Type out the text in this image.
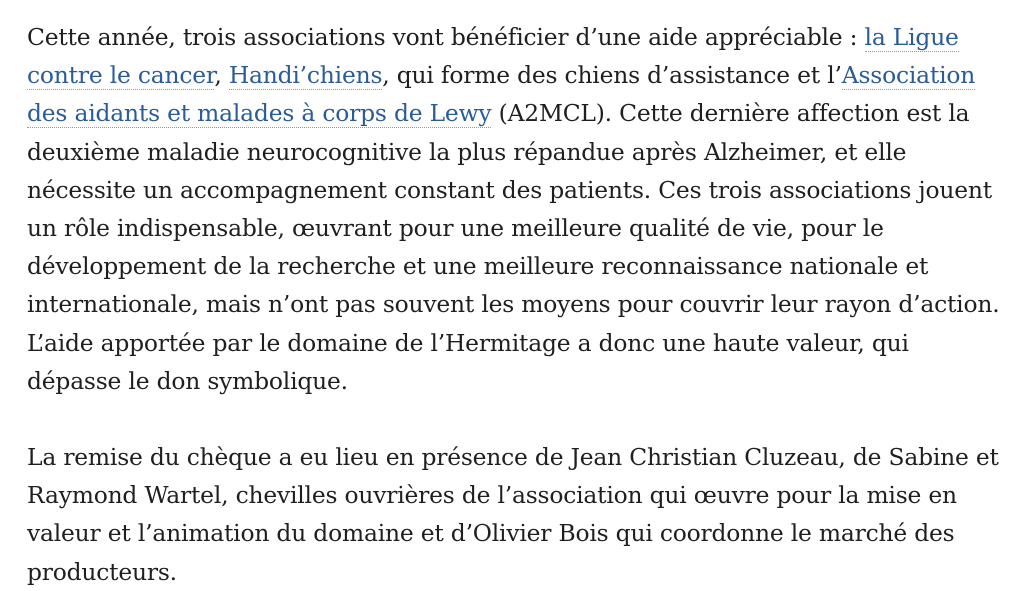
Cette année, trois associations vont bénéficier d’une aide appréciable : la Ligue contre le cancer, Handi’chiens, qui forme des chiens d’assistance et l’Association des aidants et malades à corps de Lewy (A2MCL). Cette dernière affection est la deuxième maladie neurocognitive la plus répandue après Alzheimer, et elle nécessite un accompagnement constant des patients. Ces trois associations jouent un rôle indispensable, œuvrant pour une meilleure qualité de vie, pour le développement de la recherche et une meilleure reconnaissance nationale et internationale, mais n’ont pas souvent les moyens pour couvrir leur rayon d’action. L’aide apportée par le domaine de l’Hermitage a donc une haute valeur, qui dépasse le don symbolique.

La remise du chèque a eu lieu en présence de Jean Christian Cluzeau, de Sabine et Raymond Wartel, chevilles ouvrières de l’association qui œuvre pour la mise en valeur et l’animation du domaine et d’Olivier Bois qui coordonne le marché des producteurs.
